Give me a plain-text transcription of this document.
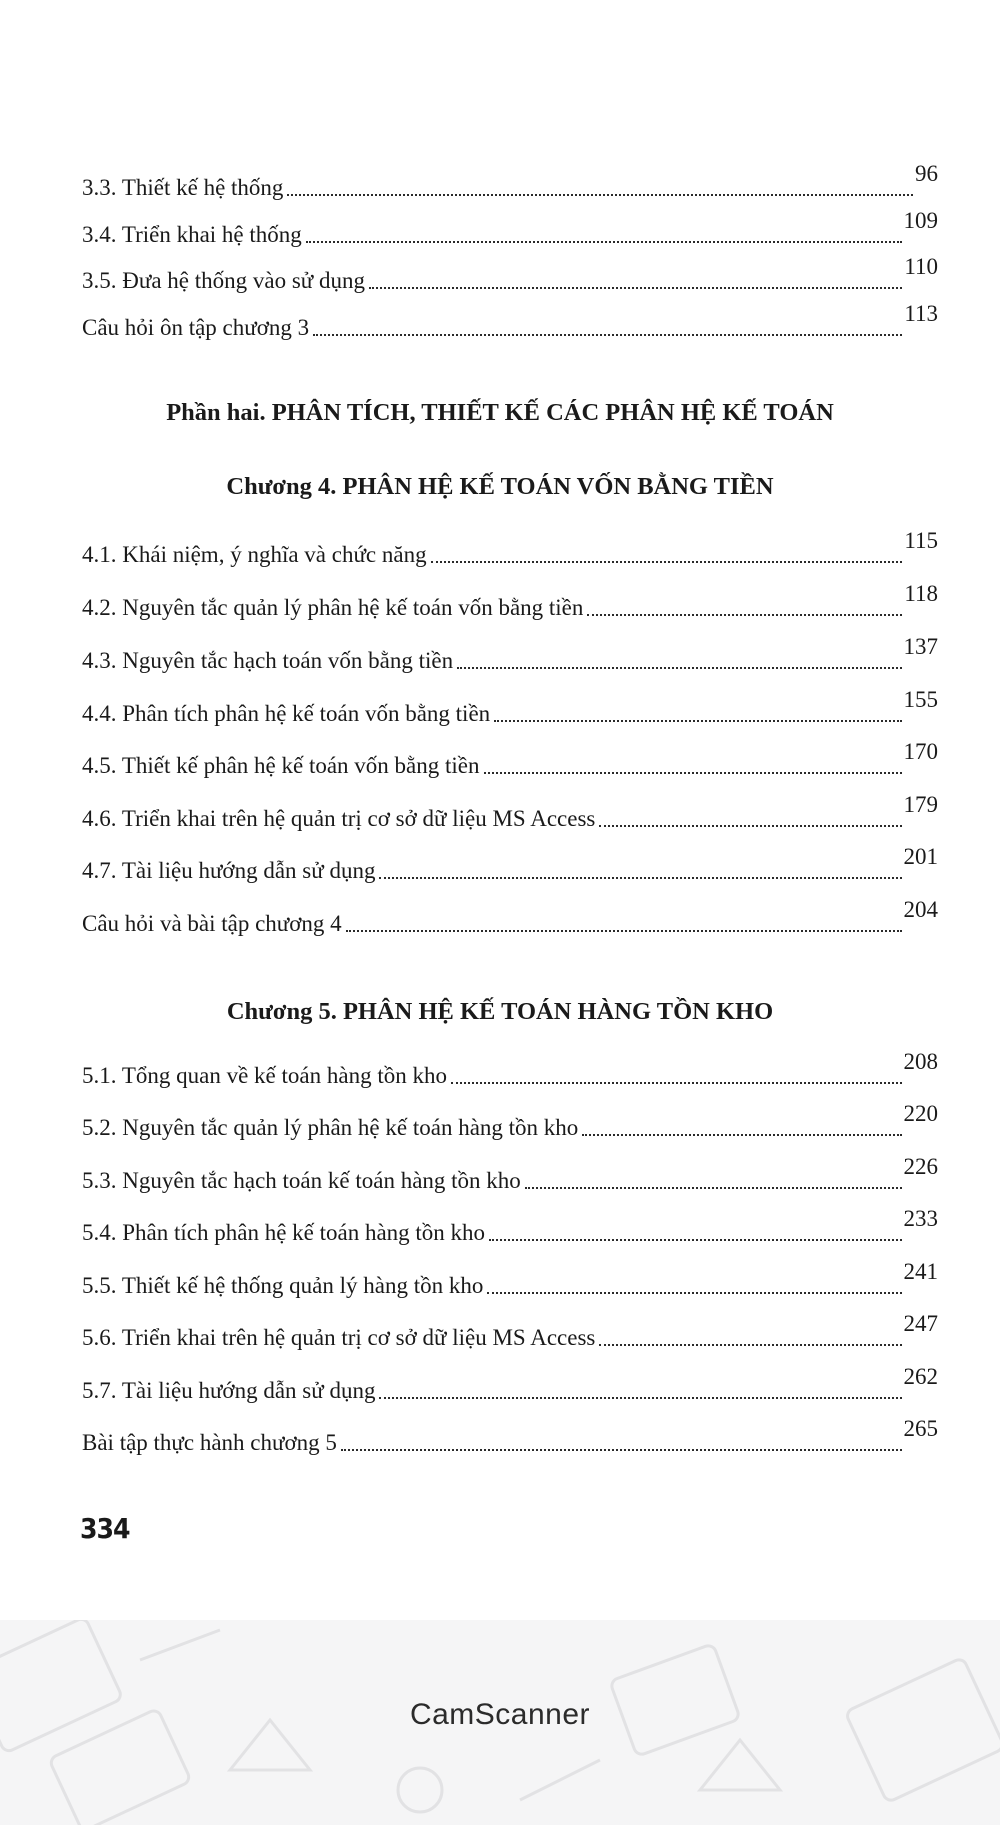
3.3. Thiết kế hệ thống
96
3.4. Triển khai hệ thống
109
3.5. Đưa hệ thống vào sử dụng
110
Câu hỏi ôn tập chương 3
113
Phần hai. PHÂN TÍCH, THIẾT KẾ CÁC PHÂN HỆ KẾ TOÁN
Chương 4. PHÂN HỆ KẾ TOÁN VỐN BẰNG TIỀN
4.1. Khái niệm, ý nghĩa và chức năng
115
4.2. Nguyên tắc quản lý phân hệ kế toán vốn bằng tiền
118
4.3. Nguyên tắc hạch toán vốn bằng tiền
137
4.4. Phân tích phân hệ kế toán vốn bằng tiền
155
4.5. Thiết kế phân hệ kế toán vốn bằng tiền
170
4.6. Triển khai trên hệ quản trị cơ sở dữ liệu MS Access
179
4.7. Tài liệu hướng dẫn sử dụng
201
Câu hỏi và bài tập chương 4
204
Chương 5. PHÂN HỆ KẾ TOÁN HÀNG TỒN KHO
5.1. Tổng quan về kế toán hàng tồn kho
208
5.2. Nguyên tắc quản lý phân hệ kế toán hàng tồn kho
220
5.3. Nguyên tắc hạch toán kế toán hàng tồn kho
226
5.4. Phân tích phân hệ kế toán hàng tồn kho
233
5.5. Thiết kế hệ thống quản lý hàng tồn kho
241
5.6. Triển khai trên hệ quản trị cơ sở dữ liệu MS Access
247
5.7. Tài liệu hướng dẫn sử dụng
262
Bài tập thực hành chương 5
265
334
CamScanner
